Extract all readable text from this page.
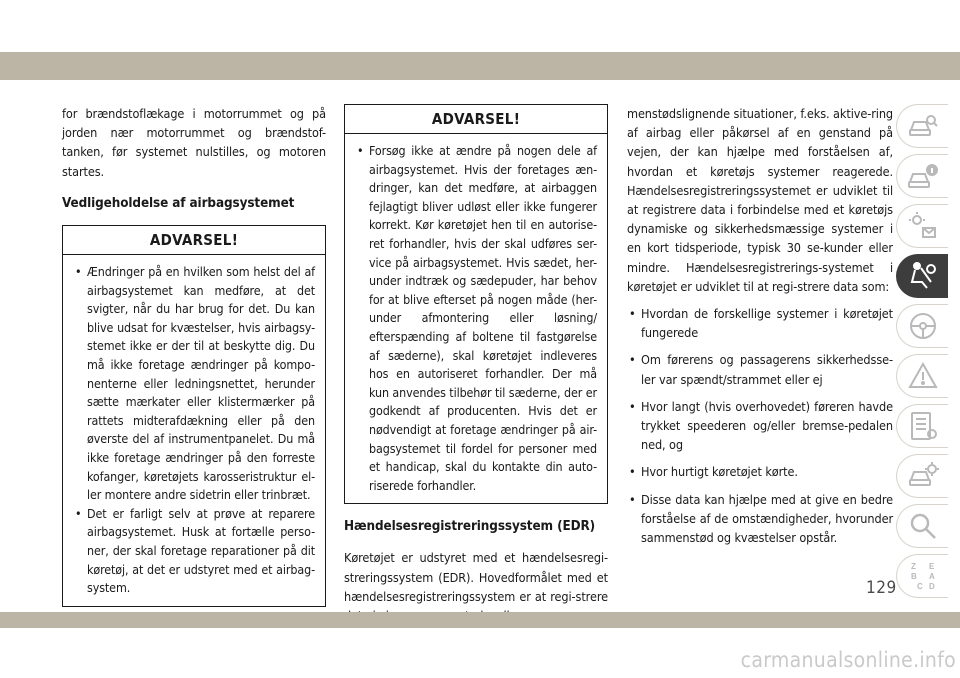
for brændstoflækage i motorrummet og på jorden nær motorrummet og brændstof-tanken, før systemet nulstilles, og motoren startes.

Vedligeholdelse af airbagsystemet
ADVARSEL!
• Ændringer på en hvilken som helst del af airbagsystemet kan medføre, at det svigter, når du har brug for det. Du kan blive udsat for kvæstelser, hvis airbagsy-stemet ikke er der til at beskytte dig. Du må ikke foretage ændringer på kompo-nenterne eller ledningsnettet, herunder sætte mærkater eller klistermærker på rattets midterafdækning eller på den øverste del af instrumentpanelet. Du må ikke foretage ændringer på den forreste kofanger, køretøjets karosseristruktur el-ler montere andre sidetrin eller trinbræt.
• Det er farligt selv at prøve at reparere airbagsystemet. Husk at fortælle perso-ner, der skal foretage reparationer på dit køretøj, at det er udstyret med et airbag-system.
ADVARSEL!
• Forsøg ikke at ændre på nogen dele af airbagsystemet. Hvis der foretages æn-dringer, kan det medføre, at airbaggen fejlagtigt bliver udløst eller ikke fungerer korrekt. Kør køretøjet hen til en autorise-ret forhandler, hvis der skal udføres ser-vice på airbagsystemet. Hvis sædet, her-under indtræk og sædepuder, har behov for at blive efterset på nogen måde (her-under afmontering eller løsning/ efterspænding af boltene til fastgørelse af sæderne), skal køretøjet indleveres hos en autoriseret forhandler. Der må kun anvendes tilbehør til sæderne, der er godkendt af producenten. Hvis det er nødvendigt at foretage ændringer på air-bagsystemet til fordel for personer med et handicap, skal du kontakte din auto-riserede forhandler.
Hændelsesregistreringssystem (EDR)

Køretøjet er udstyret med et hændelsesregi-streringssystem (EDR). Hovedformålet med et hændelsesregistreringssystem er at regi-strere

menstødslignende situationer, f.eks. aktive-ring af airbag eller påkørsel af en genstand på vejen, der kan hjælpe med forståelsen af, hvordan et køretøjs systemer reagerede. Hændelsesregistreringssystemet er udviklet til at registrere data i forbindelse med et køretøjs dynamiske og sikkerhedsmæssige systemer i en kort tidsperiode, typisk 30 se-kunder eller mindre. Hændelsesregistrerings-systemet i køretøjet er udviklet til at regi-strere data som:

• Hvordan de forskellige systemer i køretøjet fungerede
• Om førerens og passagerens sikkerhedsse-ler var spændt/strammet eller ej
• Hvor langt (hvis overhovedet) føreren havde trykket speederen og/eller bremse-pedalen ned, og
• Hvor hurtigt køretøjet kørte.
• Disse data kan hjælpe med at give en bedre forståelse af de omstændigheder, hvorunder sammenstød og kvæstelser opstår.
Z E
B A
C D
129
carmanualsonline.info
